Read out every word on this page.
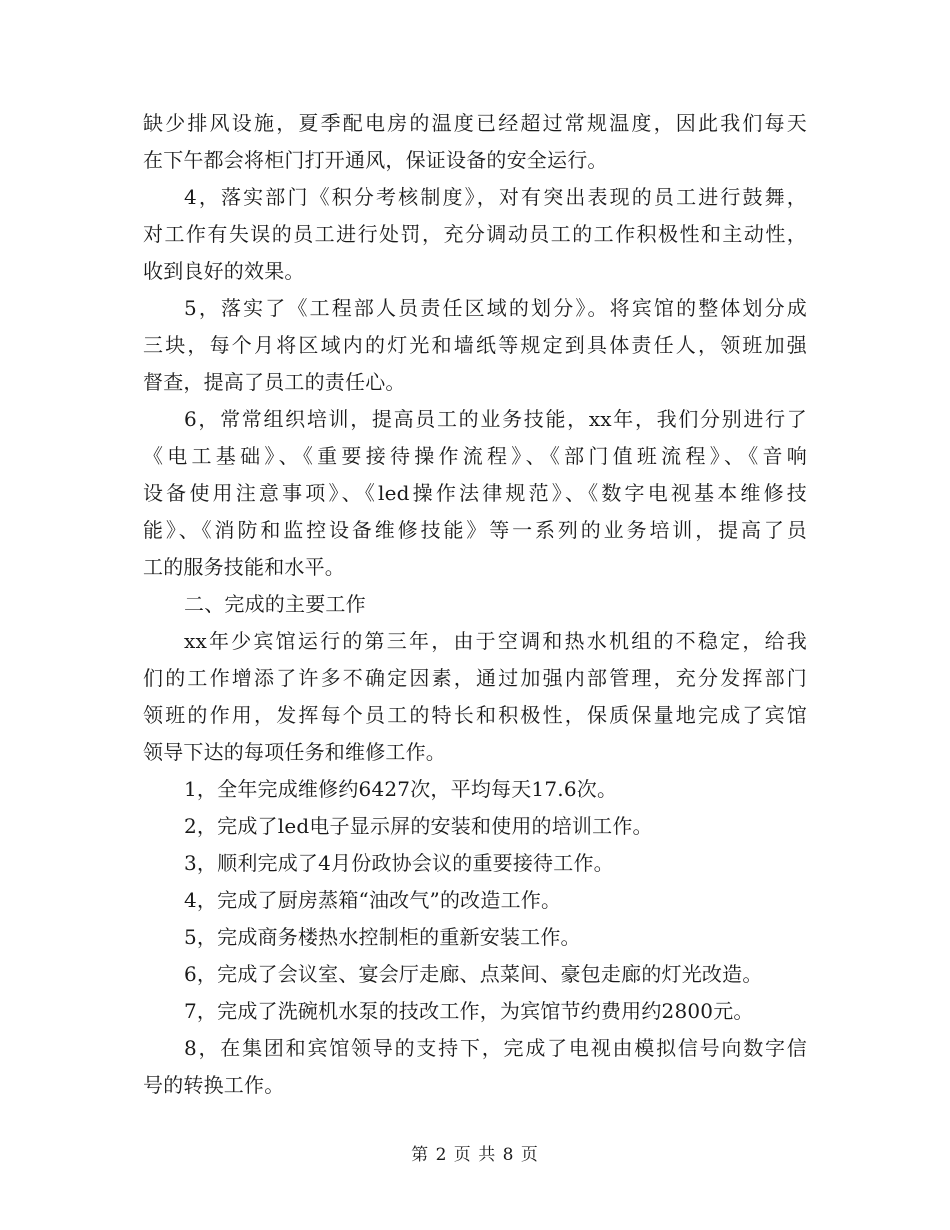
缺少排风设施，夏季配电房的温度已经超过常规温度，因此我们每天
在下午都会将柜门打开通风，保证设备的安全运行。
4，落实部门《积分考核制度》，对有突出表现的员工进行鼓舞，
对工作有失误的员工进行处罚，充分调动员工的工作积极性和主动性，
收到良好的效果。
5，落实了《工程部人员责任区域的划分》。将宾馆的整体划分成
三块，每个月将区域内的灯光和墙纸等规定到具体责任人，领班加强
督查，提高了员工的责任心。
6，常常组织培训，提高员工的业务技能，xx年，我们分别进行了
《电工基础》、《重要接待操作流程》、《部门值班流程》、《音响
设备使用注意事项》、《led操作法律规范》、《数字电视基本维修技
能》、《消防和监控设备维修技能》等一系列的业务培训，提高了员
工的服务技能和水平。
二、完成的主要工作
xx年少宾馆运行的第三年，由于空调和热水机组的不稳定，给我
们的工作增添了许多不确定因素，通过加强内部管理，充分发挥部门
领班的作用，发挥每个员工的特长和积极性，保质保量地完成了宾馆
领导下达的每项任务和维修工作。
1，全年完成维修约6427次，平均每天17.6次。
2，完成了led电子显示屏的安装和使用的培训工作。
3，顺利完成了4月份政协会议的重要接待工作。
4，完成了厨房蒸箱“油改气”的改造工作。
5，完成商务楼热水控制柜的重新安装工作。
6，完成了会议室、宴会厅走廊、点菜间、豪包走廊的灯光改造。
7，完成了洗碗机水泵的技改工作，为宾馆节约费用约2800元。
8，在集团和宾馆领导的支持下，完成了电视由模拟信号向数字信
号的转换工作。
第 2 页 共 8 页
